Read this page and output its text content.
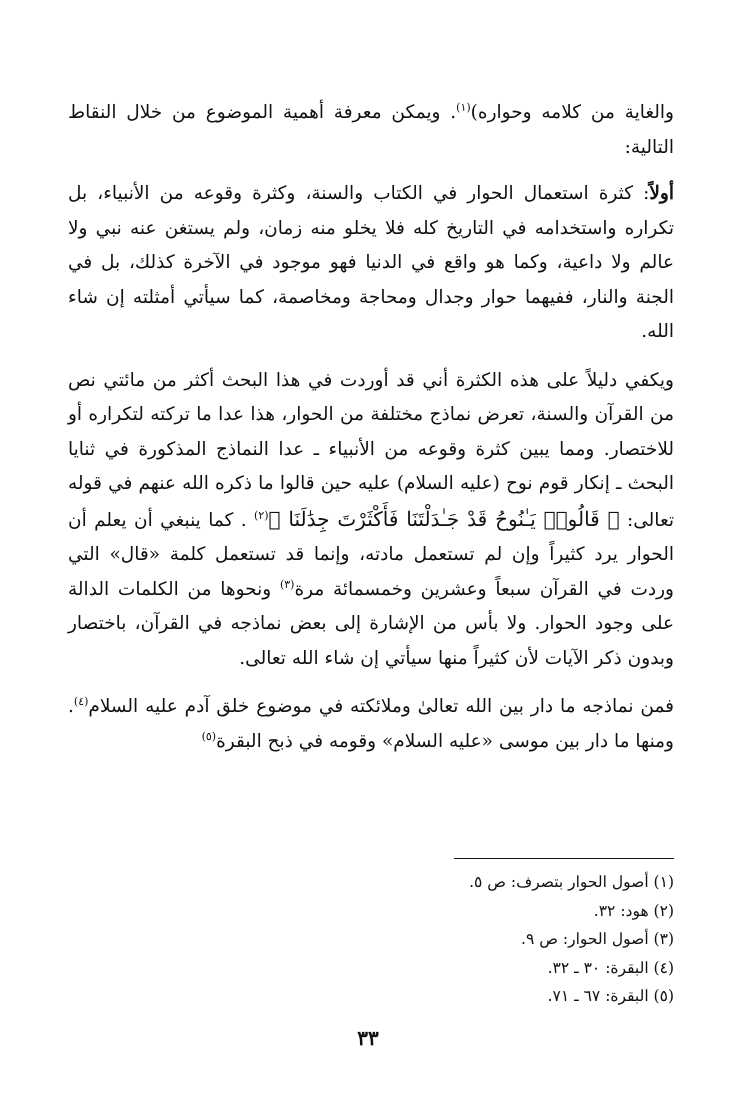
والغاية من كلامه وحواره)$^{(١)}$. ويمكن معرفة أهمية الموضوع من خلال النقاط التالية:

أولاً: كثرة استعمال الحوار في الكتاب والسنة، وكثرة وقوعه من الأنبياء، بل تكراره واستخدامه في التاريخ كله فلا يخلو منه زمان، ولم يستغن عنه نبي ولا عالم ولا داعية، وكما هو واقع في الدنيا فهو موجود في الآخرة كذلك، بل في الجنة والنار، ففيهما حوار وجدال ومحاجة ومخاصمة، كما سيأتي أمثلته إن شاء الله.

ويكفي دليلاً على هذه الكثرة أني قد أوردت في هذا البحث أكثر من مائتي نص من القرآن والسنة، تعرض نماذج مختلفة من الحوار، هذا عدا ما تركته لتكراره أو للاختصار. ومما يبين كثرة وقوعه من الأنبياء ـ عدا النماذج المذكورة في ثنايا البحث ـ إنكار قوم نوح (عليه السلام) عليه حين قالوا ما ذكره الله عنهم في قوله تعالى: ﴿ قَالُوا۟ يَـٰنُوحُ قَدْ جَـٰدَلْتَنَا فَأَكْثَرْتَ جِدَٰلَنَا ﴾$^{(٢)}$ . كما ينبغي أن يعلم أن الحوار يرد كثيراً وإن لم تستعمل مادته، وإنما قد تستعمل كلمة «قال» التي وردت في القرآن سبعاً وعشرين وخمسمائة مرة$^{(٣)}$ ونحوها من الكلمات الدالة على وجود الحوار. ولا بأس من الإشارة إلى بعض نماذجه في القرآن، باختصار وبدون ذكر الآيات لأن كثيراً منها سيأتي إن شاء الله تعالى.

فمن نماذجه ما دار بين الله تعالىٰ وملائكته في موضوع خلق آدم عليه السلام$^{(٤)}$. ومنها ما دار بين موسى «عليه السلام» وقومه في ذبح البقرة$^{(٥)}$

(١) أصول الحوار بتصرف: ص ٥.
(٢) هود: ٣٢.
(٣) أصول الحوار: ص ٩.
(٤) البقرة: ٣٠ ـ ٣٢.
(٥) البقرة: ٦٧ ـ ٧١.
٣٣
